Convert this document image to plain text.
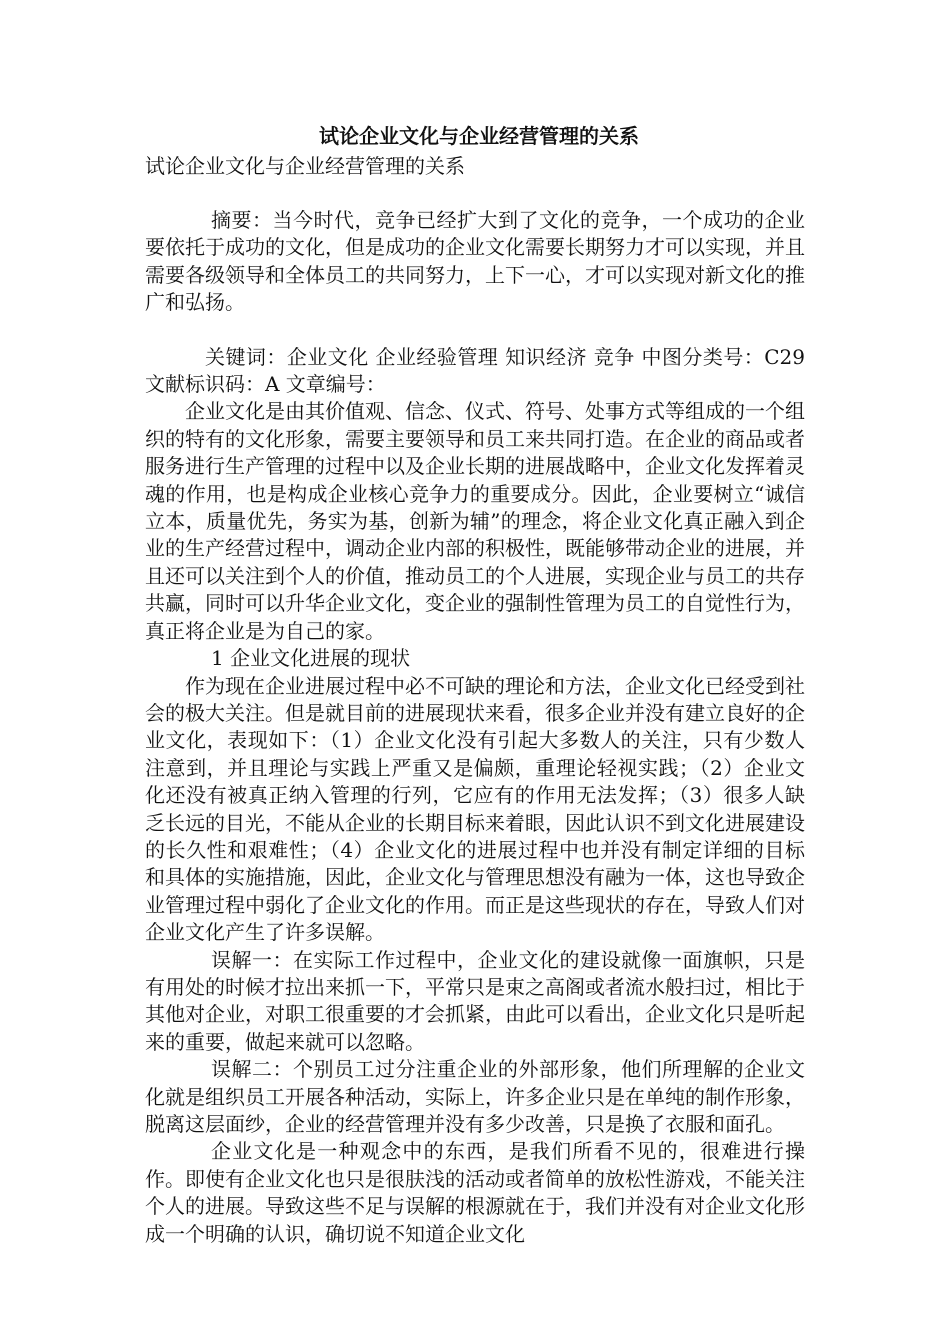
试论企业文化与企业经营管理的关系

试论企业文化与企业经营管理的关系

摘要：当今时代，竞争已经扩大到了文化的竞争，一个成功的企业要依托于成功的文化，但是成功的企业文化需要长期努力才可以实现，并且需要各级领导和全体员工的共同努力，上下一心，才可以实现对新文化的推广和弘扬。

关键词：企业文化 企业经验管理 知识经济 竞争 中图分类号：C29 文献标识码：A 文章编号：

企业文化是由其价值观、信念、仪式、符号、处事方式等组成的一个组织的特有的文化形象，需要主要领导和员工来共同打造。在企业的商品或者服务进行生产管理的过程中以及企业长期的进展战略中，企业文化发挥着灵魂的作用，也是构成企业核心竞争力的重要成分。因此，企业要树立“诚信立本，质量优先，务实为基，创新为辅”的理念，将企业文化真正融入到企业的生产经营过程中，调动企业内部的积极性，既能够带动企业的进展，并且还可以关注到个人的价值，推动员工的个人进展，实现企业与员工的共存共赢，同时可以升华企业文化，变企业的强制性管理为员工的自觉性行为，真正将企业是为自己的家。

1 企业文化进展的现状

作为现在企业进展过程中必不可缺的理论和方法，企业文化已经受到社会的极大关注。但是就目前的进展现状来看，很多企业并没有建立良好的企业文化，表现如下：（1）企业文化没有引起大多数人的关注，只有少数人注意到，并且理论与实践上严重又是偏颇，重理论轻视实践；（2）企业文化还没有被真正纳入管理的行列，它应有的作用无法发挥；（3）很多人缺乏长远的目光，不能从企业的长期目标来着眼，因此认识不到文化进展建设的长久性和艰难性；（4）企业文化的进展过程中也并没有制定详细的目标和具体的实施措施，因此，企业文化与管理思想没有融为一体，这也导致企业管理过程中弱化了企业文化的作用。而正是这些现状的存在，导致人们对企业文化产生了许多误解。

误解一：在实际工作过程中，企业文化的建设就像一面旗帜，只是有用处的时候才拉出来抓一下，平常只是束之高阁或者流水般扫过，相比于其他对企业，对职工很重要的才会抓紧，由此可以看出，企业文化只是听起来的重要，做起来就可以忽略。

误解二：个别员工过分注重企业的外部形象，他们所理解的企业文化就是组织员工开展各种活动，实际上，许多企业只是在单纯的制作形象，脱离这层面纱，企业的经营管理并没有多少改善，只是换了衣服和面孔。

企业文化是一种观念中的东西，是我们所看不见的，很难进行操作。即使有企业文化也只是很肤浅的活动或者简单的放松性游戏，不能关注个人的进展。导致这些不足与误解的根源就在于，我们并没有对企业文化形成一个明确的认识，确切说不知道企业文化
